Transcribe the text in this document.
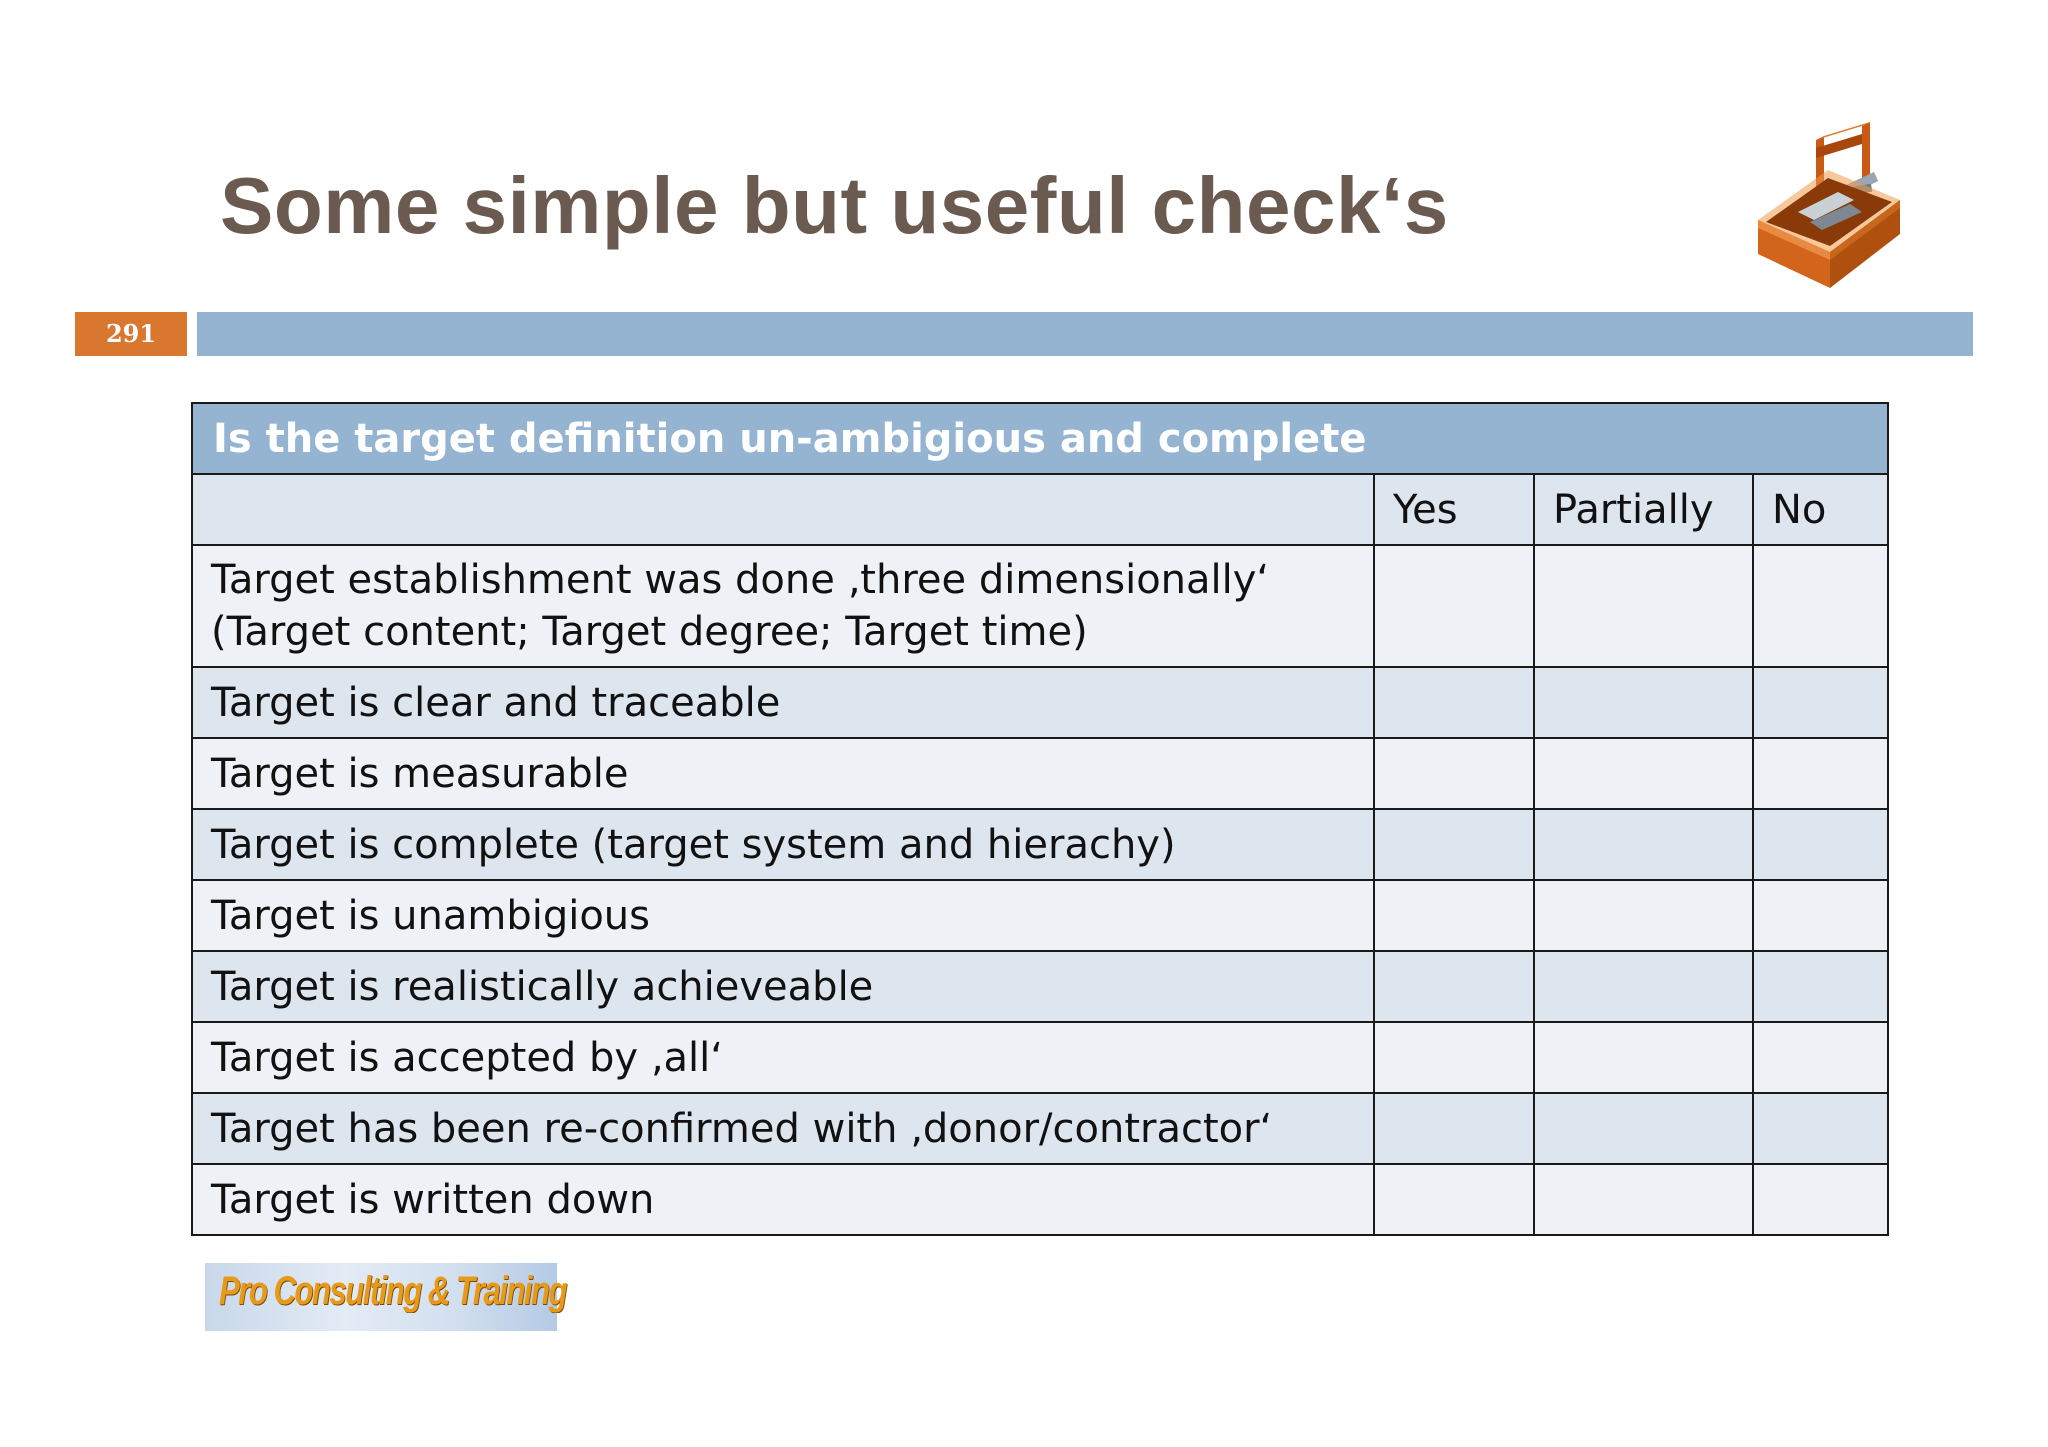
Some simple but useful check‘s
291
Is the target definition un-ambigious and complete			
	Yes	Partially	No

Target establishment was done ‚three dimensionally‘
(Target content; Target degree; Target time)			

Target is clear and traceable			
Target is measurable			
Target is complete (target system and hierachy)			
Target is unambigious			
Target is realistically achieveable			
Target is accepted by ‚all‘			
Target has been re-confirmed with ‚donor/contractor‘			
Target is written down			
Pro Consulting & Training
